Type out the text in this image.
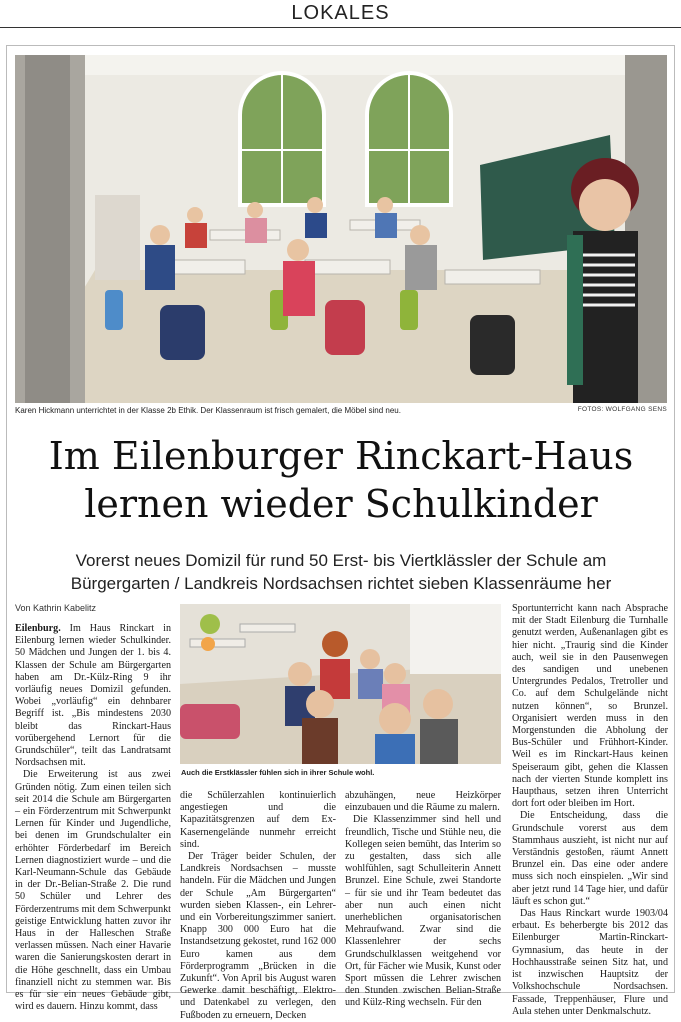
LOKALES
Karen Hickmann unterrichtet in der Klasse 2b Ethik. Der Klassenraum ist frisch gemalert, die Möbel sind neu.	FOTOS: WOLFGANG SENS
Im Eilenburger Rinckart-Haus
lernen wieder Schulkinder
Vorerst neues Domizil für rund 50 Erst- bis Viertklässler der Schule am
Bürgergarten / Landkreis Nordsachsen richtet sieben Klassenräume her
Von Kathrin Kabelitz

Eilenburg. Im Haus Rinckart in Eilenburg lernen wieder Schulkinder. 50 Mädchen und Jungen der 1. bis 4. Klassen der Schule am Bürgergarten haben am Dr.-Külz-Ring 9 ihr vorläufig neues Domizil gefunden. Wobei „vorläufig“ ein dehnbarer Begriff ist. „Bis mindestens 2030 bleibt das Rinckart-Haus vorübergehend Lernort für die Grundschüler“, teilt das Landratsamt Nordsachsen mit.

Die Erweiterung ist aus zwei Gründen nötig. Zum einen teilen sich seit 2014 die Schule am Bürgergarten – ein Förderzentrum mit Schwerpunkt Lernen für Kinder und Jugendliche, bei denen im Grundschulalter ein erhöhter Förderbedarf im Bereich Lernen diagnostiziert wurde – und die Karl-Neumann-Schule das Gebäude in der Dr.-Belian-Straße 2. Die rund 50 Schüler und Lehrer des Förderzentrums mit dem Schwerpunkt geistige Entwicklung hatten zuvor ihr Haus in der Halleschen Straße verlassen müssen. Nach einer Havarie waren die Sanierungskosten derart in die Höhe geschnellt, dass ein Umbau finanziell nicht zu stemmen war. Bis es für sie ein neues Gebäude gibt, wird es dauern. Hinzu kommt, dass

Auch die Erstklässler fühlen sich in ihrer Schule wohl.

die Schülerzahlen kontinuierlich angestiegen und die Kapazitätsgrenzen auf dem Ex-Kasernengelände nunmehr erreicht sind.

Der Träger beider Schulen, der Landkreis Nordsachsen – musste handeln. Für die Mädchen und Jungen der Schule „Am Bürgergarten“ wurden sieben Klassen-, ein Lehrer- und ein Vorbereitungszimmer saniert. Knapp 300 000 Euro hat die Instandsetzung gekostet, rund 162 000 Euro kamen aus dem Förderprogramm „Brücken in die Zukunft“. Von April bis August waren Gewerke damit beschäftigt, Elektro- und Datenkabel zu verlegen, den Fußboden zu erneuern, Decken

abzuhängen, neue Heizkörper einzubauen und die Räume zu malern.

Die Klassenzimmer sind hell und freundlich, Tische und Stühle neu, die Kollegen seien bemüht, das Interim so zu gestalten, dass sich alle wohlfühlen, sagt Schulleiterin Annett Brunzel. Eine Schule, zwei Standorte – für sie und ihr Team bedeutet das aber nun auch einen nicht unerheblichen organisatorischen Mehraufwand. Zwar sind die Klassenlehrer der sechs Grundschulklassen weitgehend vor Ort, für Fächer wie Musik, Kunst oder Sport müssen die Lehrer zwischen den Stunden zwischen Belian-Straße und Külz-Ring wechseln. Für den

Sportunterricht kann nach Absprache mit der Stadt Eilenburg die Turnhalle genutzt werden, Außenanlagen gibt es hier nicht. „Traurig sind die Kinder auch, weil sie in den Pausenwegen des sandigen und unebenen Untergrundes Pedalos, Tretroller und Co. auf dem Schulgelände nicht nutzen können“, so Brunzel. Organisiert werden muss in den Morgenstunden die Abholung der Bus-Schüler und Frühhort-Kinder. Weil es im Rinckart-Haus keinen Speiseraum gibt, gehen die Klassen nach der vierten Stunde komplett ins Haupthaus, setzen ihren Unterricht dort fort oder bleiben im Hort.

Die Entscheidung, dass die Grundschule vorerst aus dem Stammhaus auszieht, ist nicht nur auf Verständnis gestoßen, räumt Annett Brunzel ein. Das eine oder andere muss sich noch einspielen. „Wir sind aber jetzt rund 14 Tage hier, und dafür läuft es schon gut.“

Das Haus Rinckart wurde 1903/04 erbaut. Es beherbergte bis 2012 das Eilenburger Martin-Rinckart-Gymnasium, das heute in der Hochhausstraße seinen Sitz hat, und ist inzwischen Hauptsitz der Volkshochschule Nordsachsen. Fassade, Treppenhäuser, Flure und Aula stehen unter Denkmalschutz.
